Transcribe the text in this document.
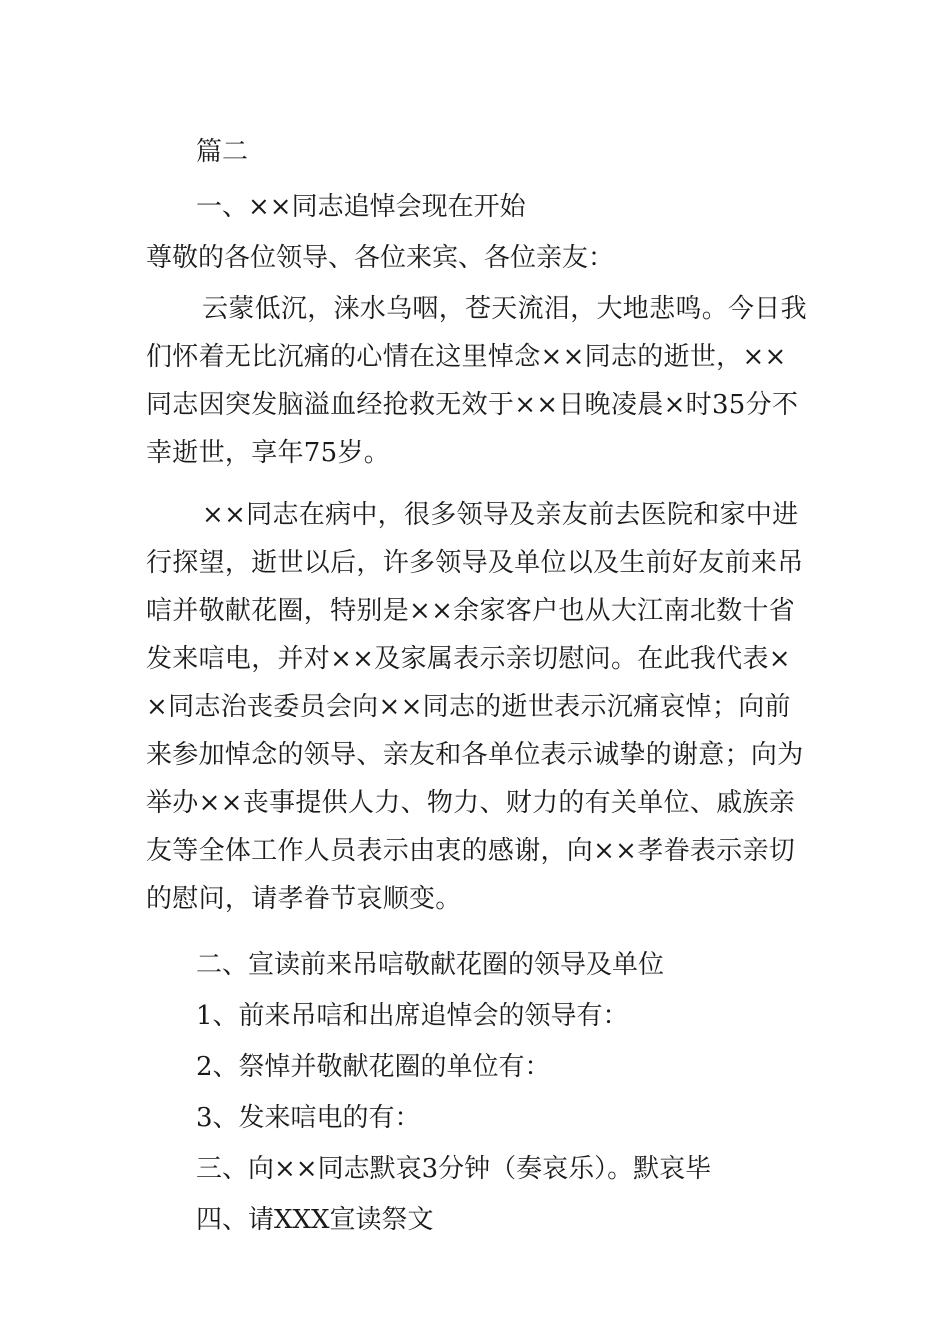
篇二
一、××同志追悼会现在开始
尊敬的各位领导、各位来宾、各位亲友：
云蒙低沉，涞水乌咽，苍天流泪，大地悲鸣。今日我
们怀着无比沉痛的心情在这里悼念××同志的逝世，××
同志因突发脑溢血经抢救无效于××日晚凌晨×时35分不
幸逝世，享年75岁。
××同志在病中，很多领导及亲友前去医院和家中进
行探望，逝世以后，许多领导及单位以及生前好友前来吊
唁并敬献花圈，特别是××余家客户也从大江南北数十省
发来唁电，并对××及家属表示亲切慰问。在此我代表×
×同志治丧委员会向××同志的逝世表示沉痛哀悼；向前
来参加悼念的领导、亲友和各单位表示诚挚的谢意；向为
举办××丧事提供人力、物力、财力的有关单位、戚族亲
友等全体工作人员表示由衷的感谢，向××孝眷表示亲切
的慰问，请孝眷节哀顺变。
二、宣读前来吊唁敬献花圈的领导及单位
1、前来吊唁和出席追悼会的领导有：
2、祭悼并敬献花圈的单位有：
3、发来唁电的有：
三、向××同志默哀3分钟（奏哀乐）。默哀毕
四、请XXX宣读祭文
